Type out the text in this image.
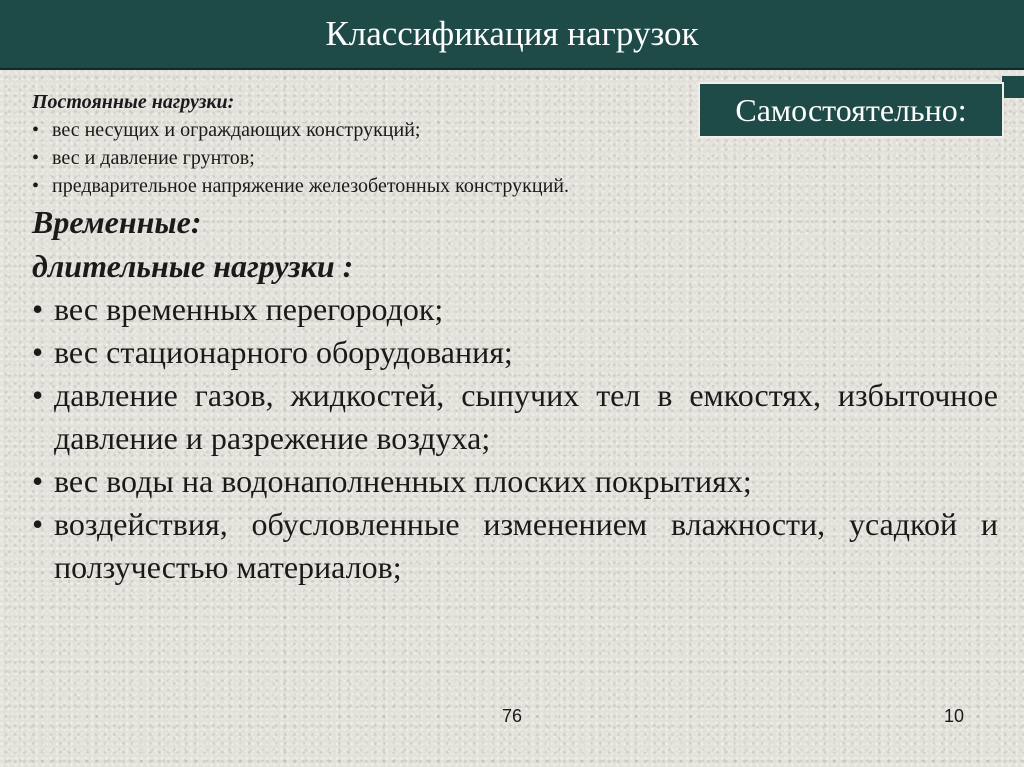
Классификация нагрузок
Самостоятельно:
Постоянные нагрузки:
• вес несущих и ограждающих конструкций;
• вес и давление грунтов;
• предварительное напряжение железобетонных конструкций.
Временные:
длительные нагрузки :
• вес временных перегородок;
• вес стационарного оборудования;
• давление газов, жидкостей, сыпучих тел в емкостях, избыточное давление и разрежение воздуха;
• вес воды на водонаполненных плоских покрытиях;
• воздействия, обусловленные изменением влажности, усадкой и ползучестью материалов;
76	10
